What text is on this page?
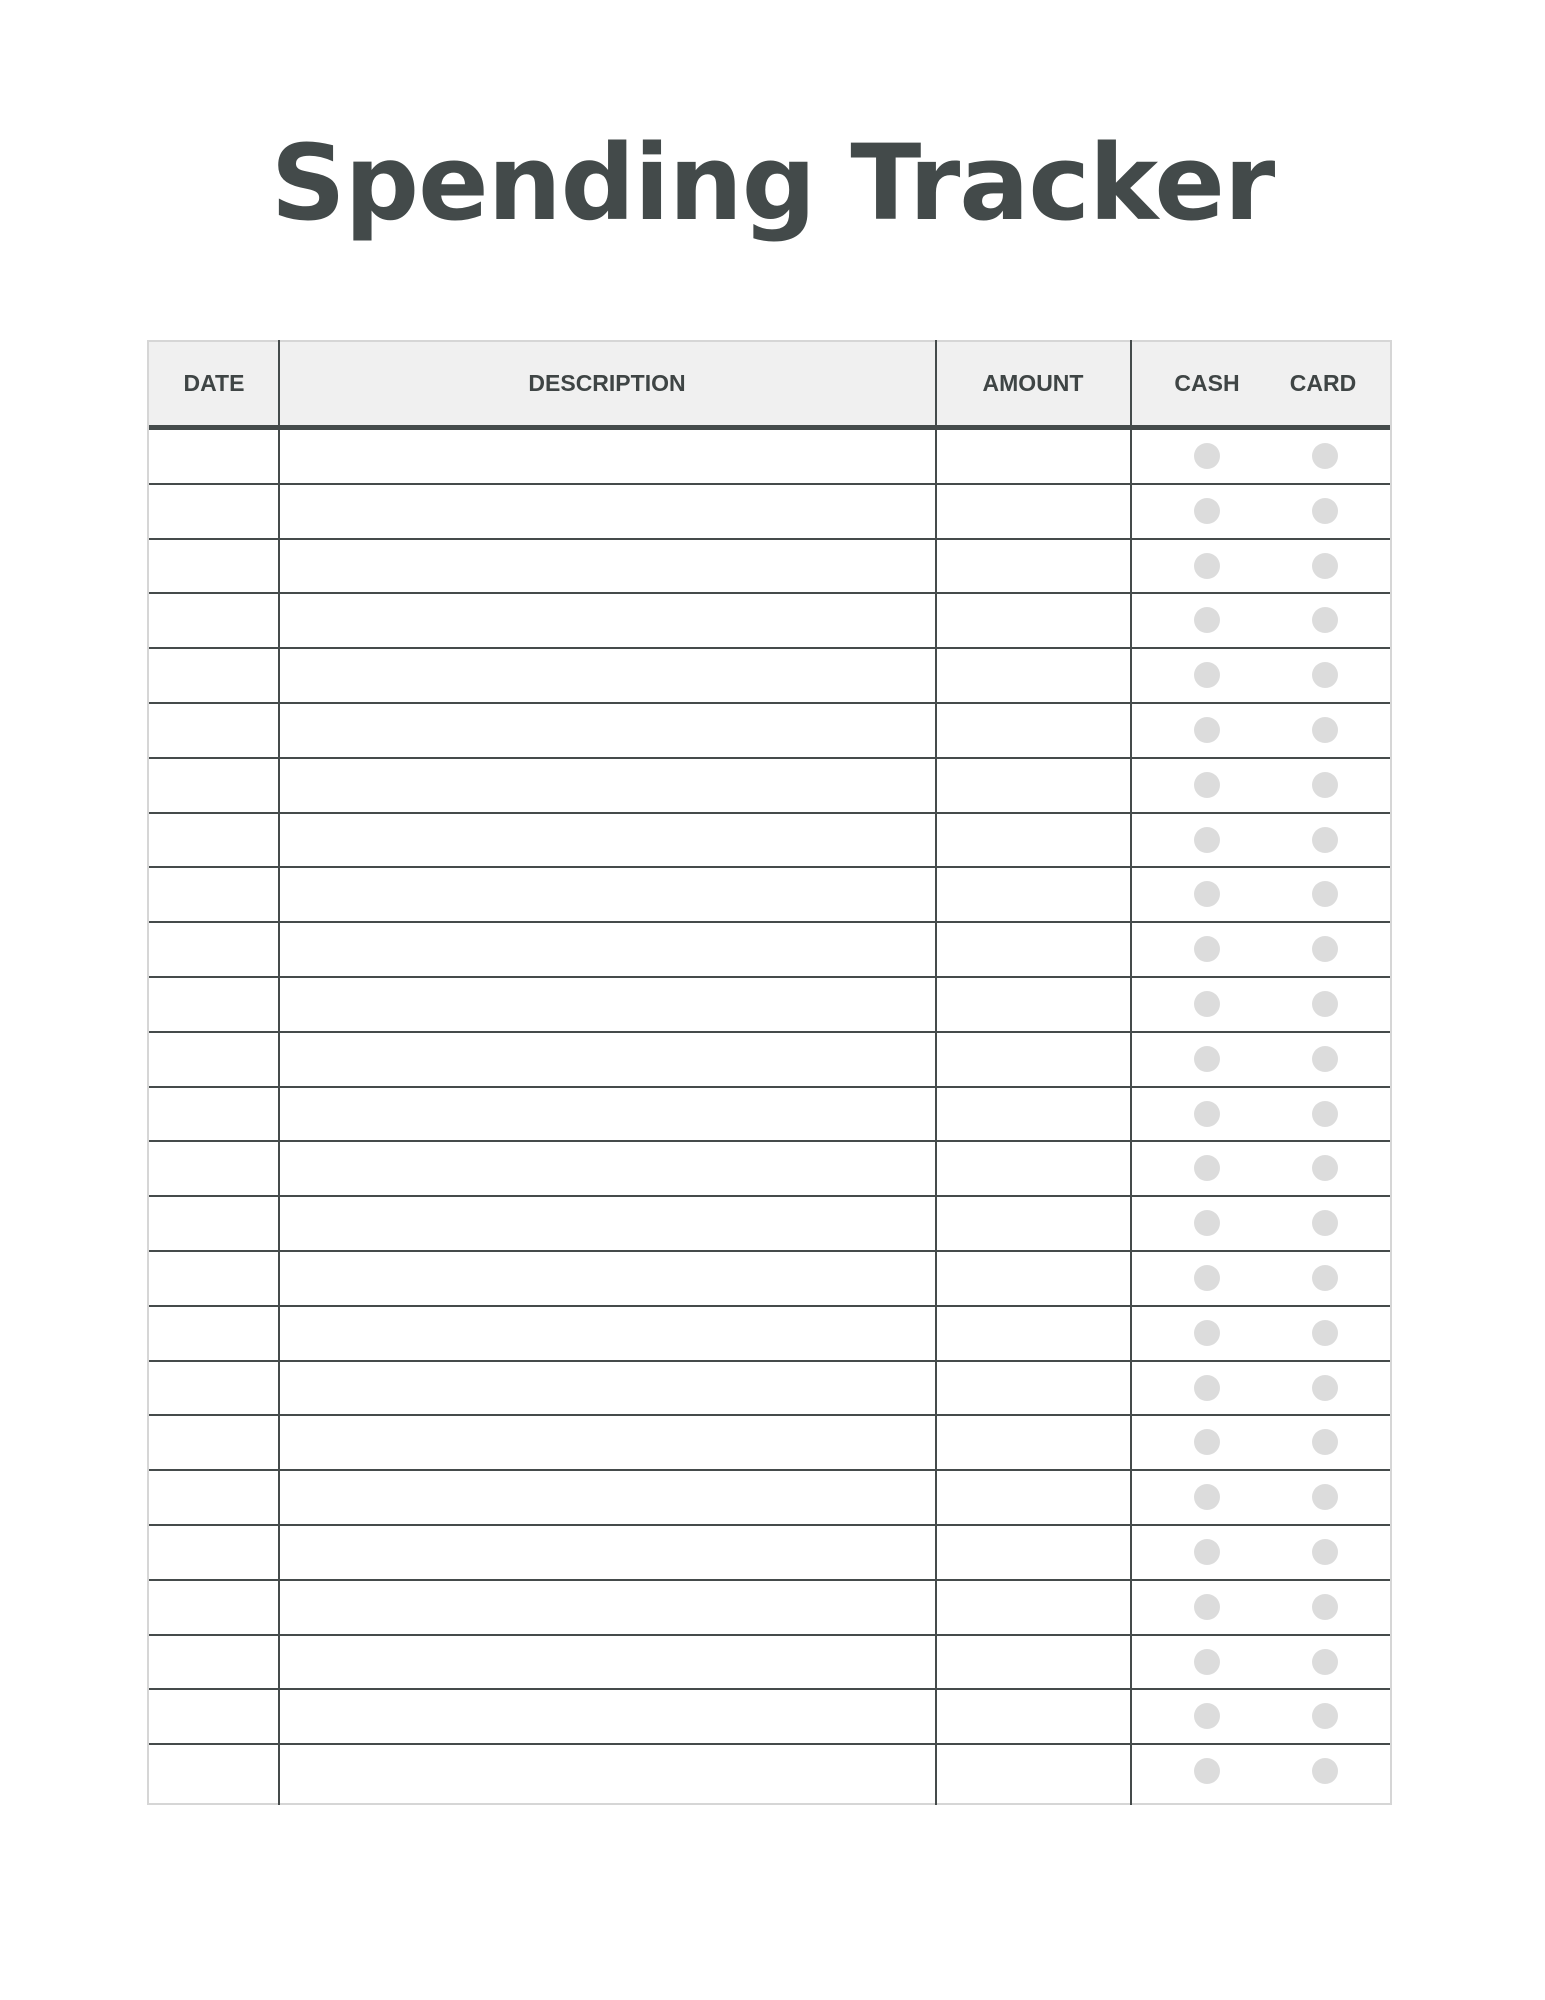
Spending Tracker
DATE	DESCRIPTION	AMOUNT	CASH	CARD
